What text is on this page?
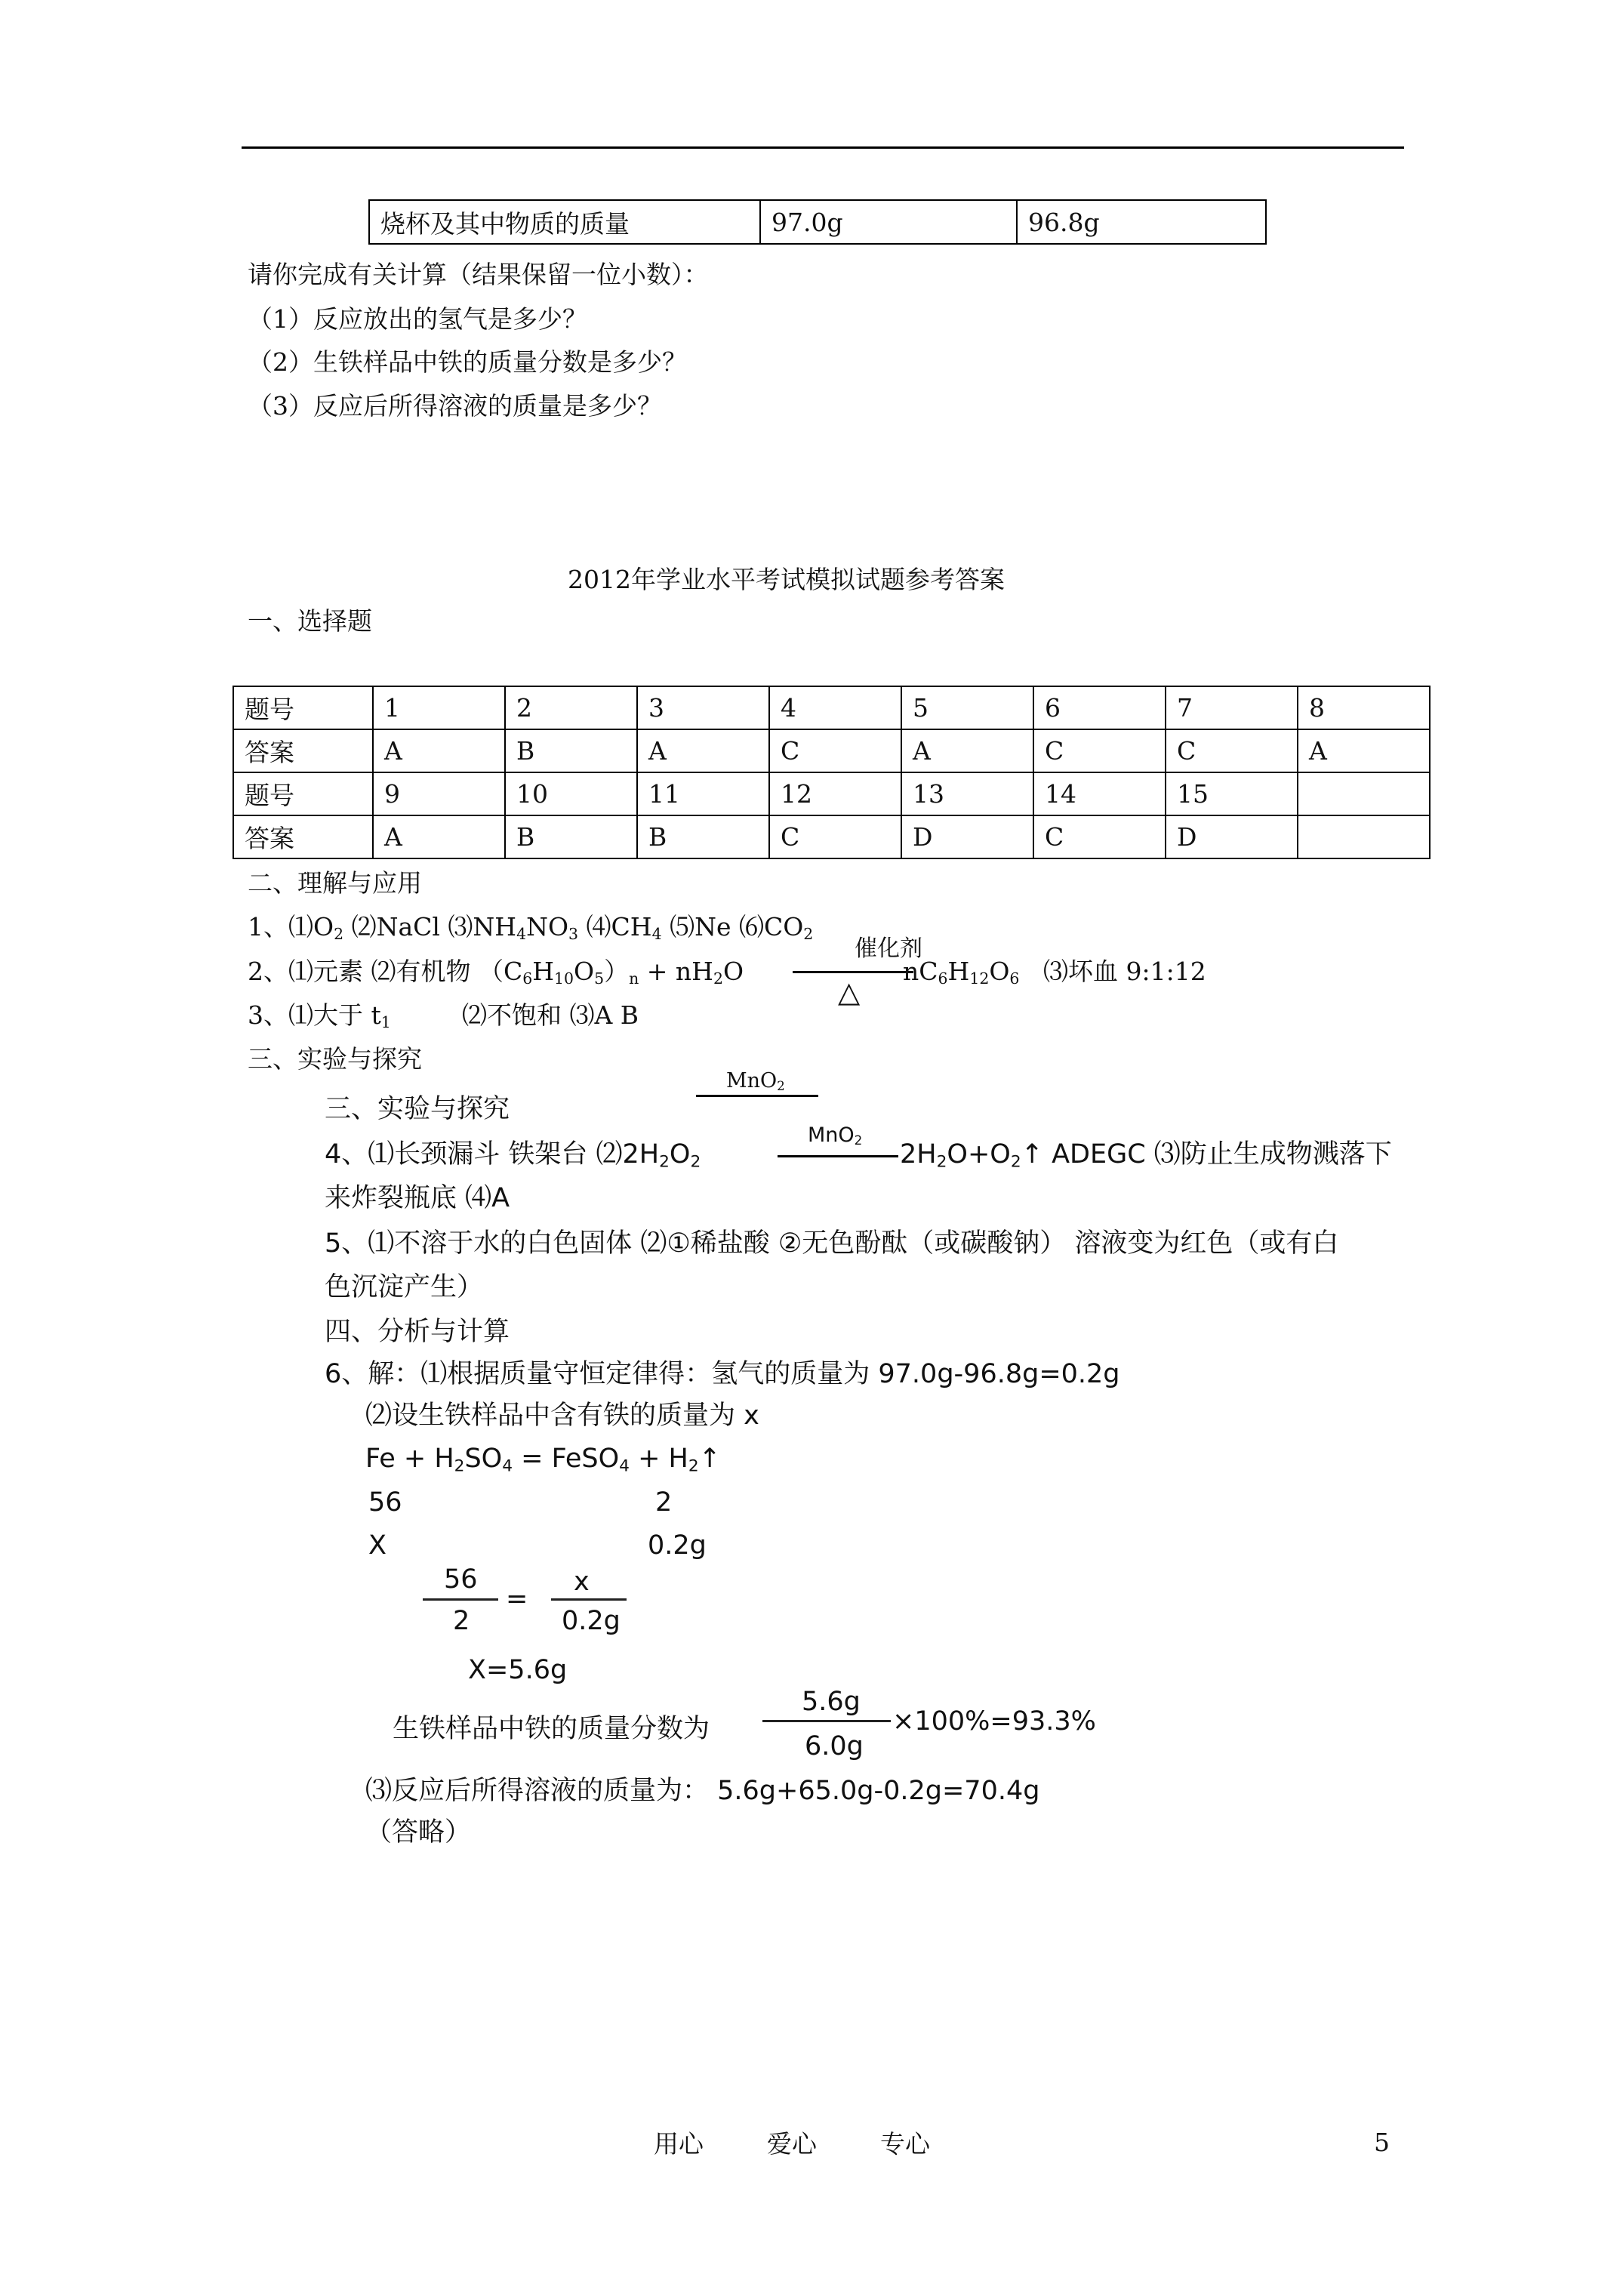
烧杯及其中物质的质量	97.0g	96.8g
请你完成有关计算（结果保留一位小数）：
（1）反应放出的氢气是多少？
（2）生铁样品中铁的质量分数是多少？
（3）反应后所得溶液的质量是多少？
2012年学业水平考试模拟试题参考答案
一、选择题
题号	1	2	3	4	5	6	7	8
答案	A	B	A	C	A	C	C	A
题号	9	10	11	12	13	14	15	
答案	A	B	B	C	D	C	D	
二、理解与应用
1、$⑴O_2$ ⑵NaCl $⑶NH_4NO_3$ $⑷CH_4$ ⑸Ne $⑹CO_2$
2、⑴元素 ⑵有机物 $(C_6H_{10}O_5)_n + nH_2O$
催化剂
△
$nC_6H_{12}O_6$ ⑶坏血 9:1:12
3、⑴大于 $t_1$	⑵不饱和 ⑶A B
三、实验与探究
MnO$_2$
三、实验与探究
4、⑴长颈漏斗 铁架台 $⑵2H_2O_2$
MnO$_2$ $2H_2O+O_2↑$ ADEGC ⑶防止生成物溅落下
来炸裂瓶底 ⑷A
5、⑴不溶于水的白色固体 ⑵①稀盐酸 ②无色酚酞（或碳酸钠） 溶液变为红色（或有白
色沉淀产生）
四、分析与计算
6、解：⑴根据质量守恒定律得：氢气的质量为 97.0g-96.8g=0.2g
⑵设生铁样品中含有铁的质量为 x
$Fe + H_2SO_4$ = FeSO$_4$ + $H_2↑$
56	2
X	0.2g
56
2
=
x
0.2g
X=5.6g
生铁样品中铁的质量分数为
5.6g
6.0g
×100%=93.3%
⑶反应后所得溶液的质量为： 5.6g+65.0g-0.2g=70.4g
（答略）
用心	爱心	专心	5
